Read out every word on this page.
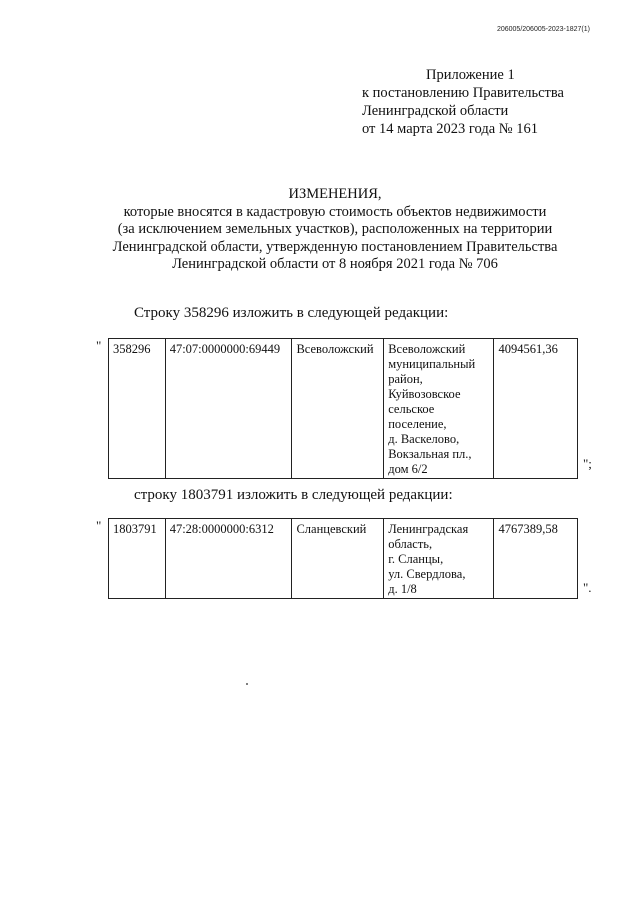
206005/206005-2023-1827(1)
Приложение 1
к постановлению Правительства
Ленинградской области
от 14 марта 2023 года № 161
ИЗМЕНЕНИЯ,
которые вносятся в кадастровую стоимость объектов недвижимости
(за исключением земельных участков), расположенных на территории
Ленинградской области, утвержденную постановлением Правительства
Ленинградской области от 8 ноября 2021 года № 706
Строку 358296 изложить в следующей редакции:
" 358296	47:07:0000000:69449	Всеволожский	Всеволожский
муниципальный
район,
Куйвозовское
сельское
поселение,
д. Васкелово,
Вокзальная пл.,
дом 6/2
	4094561,36
";
строку 1803791 изложить в следующей редакции:
" 1803791	47:28:0000000:6312	Сланцевский	Ленинградская
область,
г. Сланцы,
ул. Свердлова,
д. 1/8
	4767389,58
".
